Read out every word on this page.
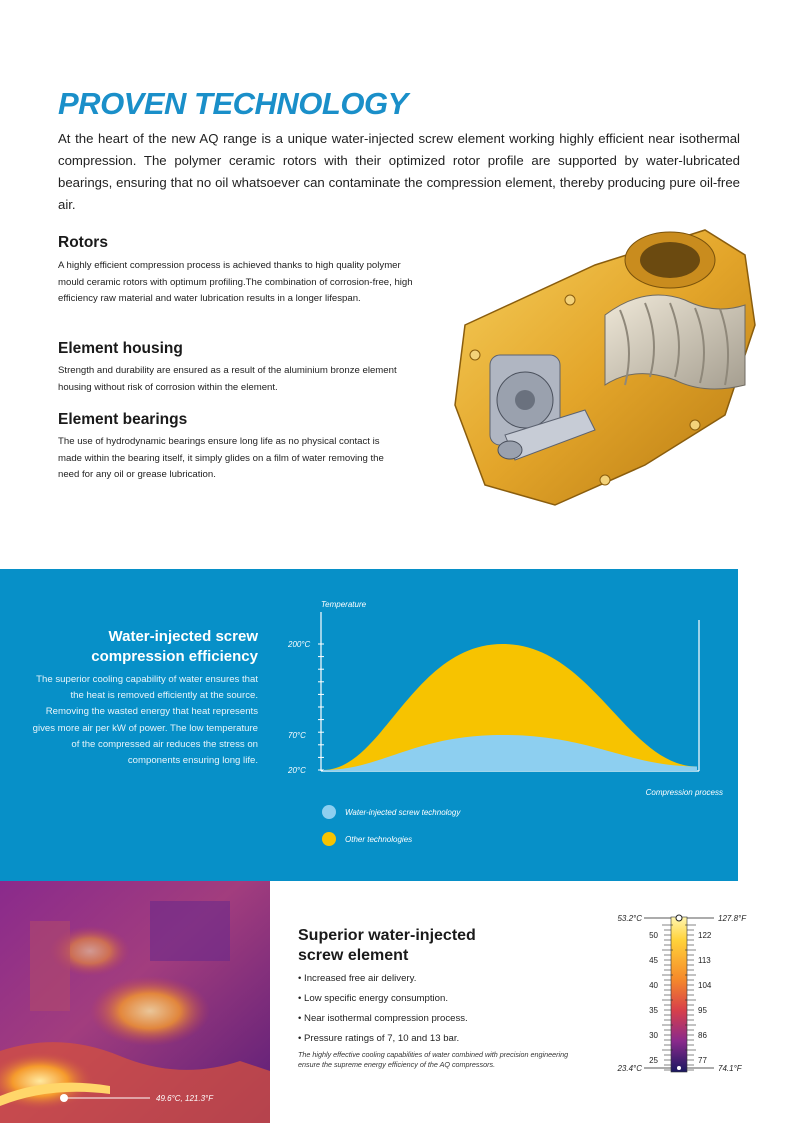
PROVEN TECHNOLOGY
At the heart of the new AQ range is a unique water-injected screw element working highly efficient near isothermal compression. The polymer ceramic rotors with their optimized rotor profile are supported by water-lubricated bearings, ensuring that no oil whatsoever can contaminate the compression element, thereby producing pure oil-free air.
Rotors
A highly efficient compression process is achieved thanks to high quality polymer mould ceramic rotors with optimum profiling.The combination of corrosion-free, high efficiency raw material and water lubrication results in a longer lifespan.
Element housing
Strength and durability are ensured as a result of the aluminium bronze element housing without risk of corrosion within the element.
Element bearings
The use of hydrodynamic bearings ensure long life as no physical contact is made within the bearing itself, it simply glides on a film of water removing the need for any oil or grease lubrication.
Water-injected screw
compression efficiency
The superior cooling capability of water ensures that the heat is removed efficiently at the source. Removing the wasted energy that heat represents gives more air per kW of power. The low temperature of the compressed air reduces the stress on components ensuring long life.
Temperature
200°C
70°C
20°C
Compression process
Water-injected screw technology
Other technologies
49.6°C, 121.3°F
Superior water-injected
screw element
• Increased free air delivery.
• Low specific energy consumption.
• Near isothermal compression process.
• Pressure ratings of 7, 10 and 13 bar.
The highly effective cooling capabilities of water combined with precision engineering ensure the supreme energy efficiency of the AQ compressors.
53.2°C	127.8°F
23.4°C	74.1°F
50
45
40
35
30
25
122
113
104
95
86
77
